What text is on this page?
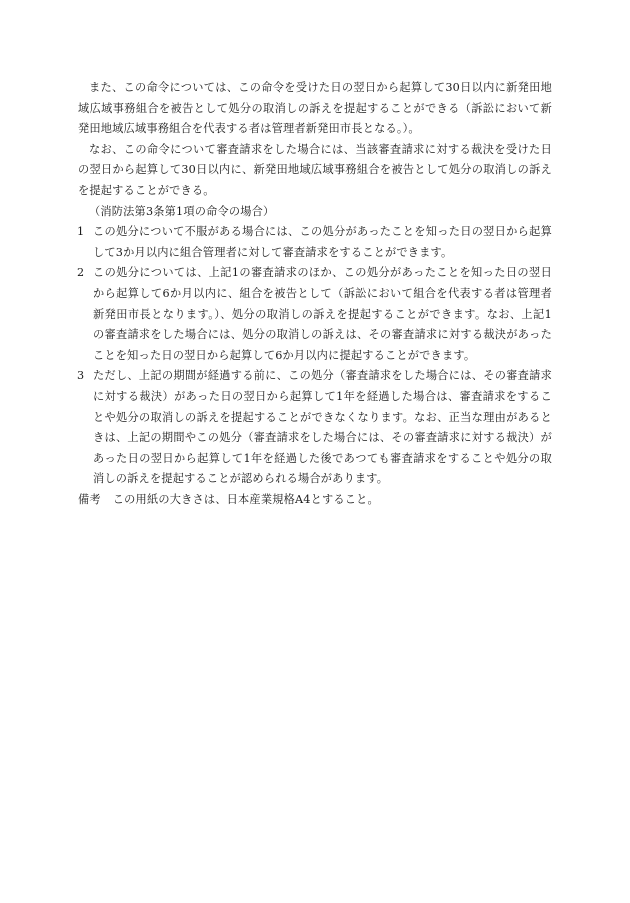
また、この命令については、この命令を受けた日の翌日から起算して30日以内に新発田地域広域事務組合を被告として処分の取消しの訴えを提起することができる（訴訟において新発田地域広域事務組合を代表する者は管理者新発田市長となる。）。

なお、この命令について審査請求をした場合には、当該審査請求に対する裁決を受けた日の翌日から起算して30日以内に、新発田地域広域事務組合を被告として処分の取消しの訴えを提起することができる。

（消防法第3条第1項の命令の場合）

1 この処分について不服がある場合には、この処分があったことを知った日の翌日から起算して3か月以内に組合管理者に対して審査請求をすることができます。
2 この処分については、上記1の審査請求のほか、この処分があったことを知った日の翌日から起算して6か月以内に、組合を被告として（訴訟において組合を代表する者は管理者新発田市長となります。）、処分の取消しの訴えを提起することができます。なお、上記1の審査請求をした場合には、処分の取消しの訴えは、その審査請求に対する裁決があったことを知った日の翌日から起算して6か月以内に提起することができます。
3 ただし、上記の期間が経過する前に、この処分（審査請求をした場合には、その審査請求に対する裁決）があった日の翌日から起算して1年を経過した場合は、審査請求をすることや処分の取消しの訴えを提起することができなくなります。なお、正当な理由があるときは、上記の期間やこの処分（審査請求をした場合には、その審査請求に対する裁決）があった日の翌日から起算して1年を経過した後であつても審査請求をすることや処分の取消しの訴えを提起することが認められる場合があります。

備考 この用紙の大きさは、日本産業規格A4とすること。
